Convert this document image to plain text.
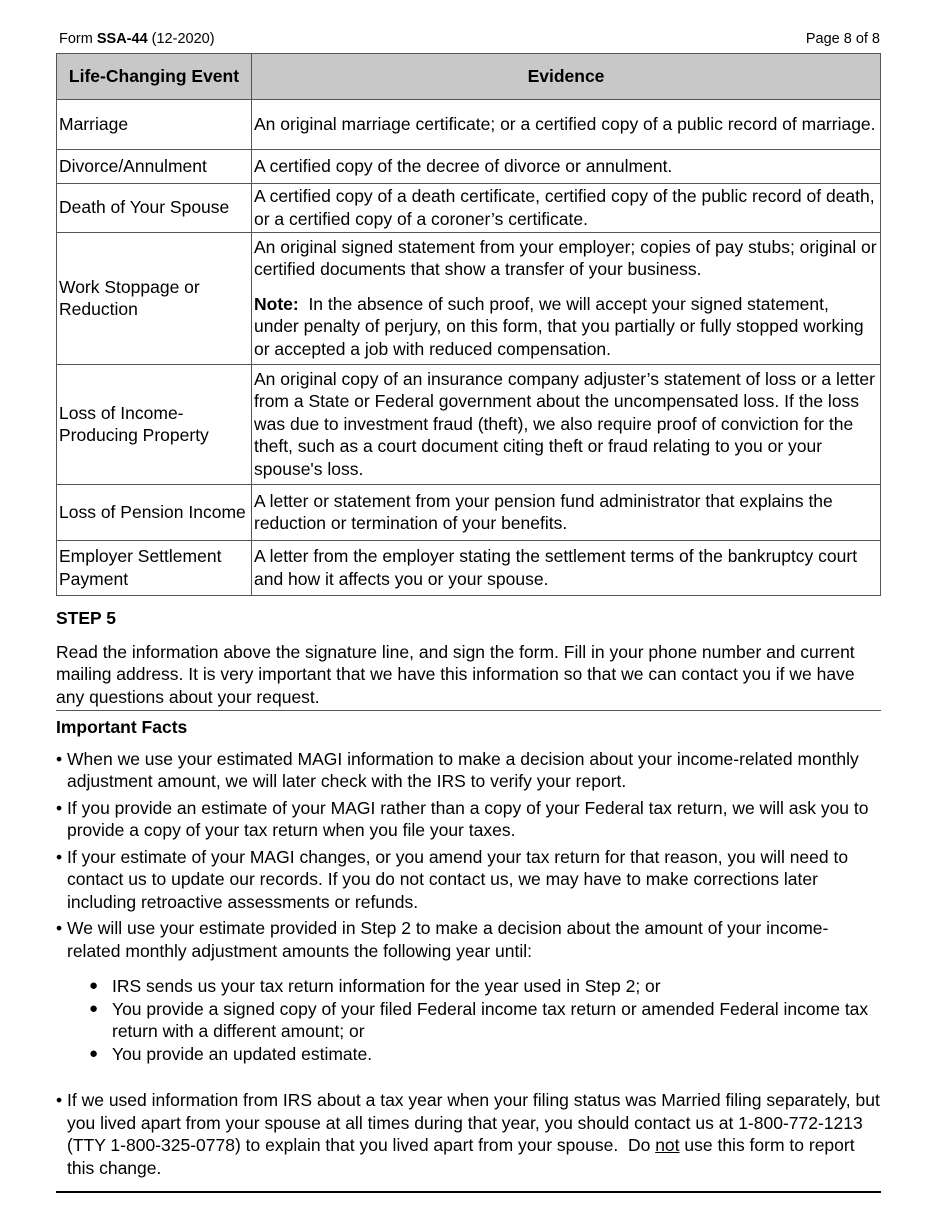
Form SSA-44 (12-2020)	Page 8 of 8
Life-Changing Event	Evidence
Marriage	An original marriage certificate; or a certified copy of a public record of marriage.
Divorce/Annulment	A certified copy of the decree of divorce or annulment.
Death of Your Spouse	A certified copy of a death certificate, certified copy of the public record of death, or a certified copy of a coroner’s certificate.
Work Stoppage or Reduction	An original signed statement from your employer; copies of pay stubs; original or certified documents that show a transfer of your business.
Note:  In the absence of such proof, we will accept your signed statement, under penalty of perjury, on this form, that you partially or fully stopped working or accepted a job with reduced compensation.

Loss of Income-Producing Property	An original copy of an insurance company adjuster’s statement of loss or a letter from a State or Federal government about the uncompensated loss. If the loss was due to investment fraud (theft), we also require proof of conviction for the theft, such as a court document citing theft or fraud relating to you or your spouse's loss.
Loss of Pension Income	A letter or statement from your pension fund administrator that explains the reduction or termination of your benefits.
Employer Settlement Payment	A letter from the employer stating the settlement terms of the bankruptcy court and how it affects you or your spouse.
STEP 5
Read the information above the signature line, and sign the form. Fill in your phone number and current mailing address. It is very important that we have this information so that we can contact you if we have any questions about your request.
Important Facts
• When we use your estimated MAGI information to make a decision about your income-related monthly adjustment amount, we will later check with the IRS to verify your report.
• If you provide an estimate of your MAGI rather than a copy of your Federal tax return, we will ask you to provide a copy of your tax return when you file your taxes.
• If your estimate of your MAGI changes, or you amend your tax return for that reason, you will need to contact us to update our records. If you do not contact us, we may have to make corrections later including retroactive assessments or refunds.
• We will use your estimate provided in Step 2 to make a decision about the amount of your income-related monthly adjustment amounts the following year until:
● IRS sends us your tax return information for the year used in Step 2; or
● You provide a signed copy of your filed Federal income tax return or amended Federal income tax return with a different amount; or
● You provide an updated estimate.
• If we used information from IRS about a tax year when your filing status was Married filing separately, but you lived apart from your spouse at all times during that year, you should contact us at 1-800-772-1213 (TTY 1-800-325-0778) to explain that you lived apart from your spouse.  Do not use this form to report this change.
